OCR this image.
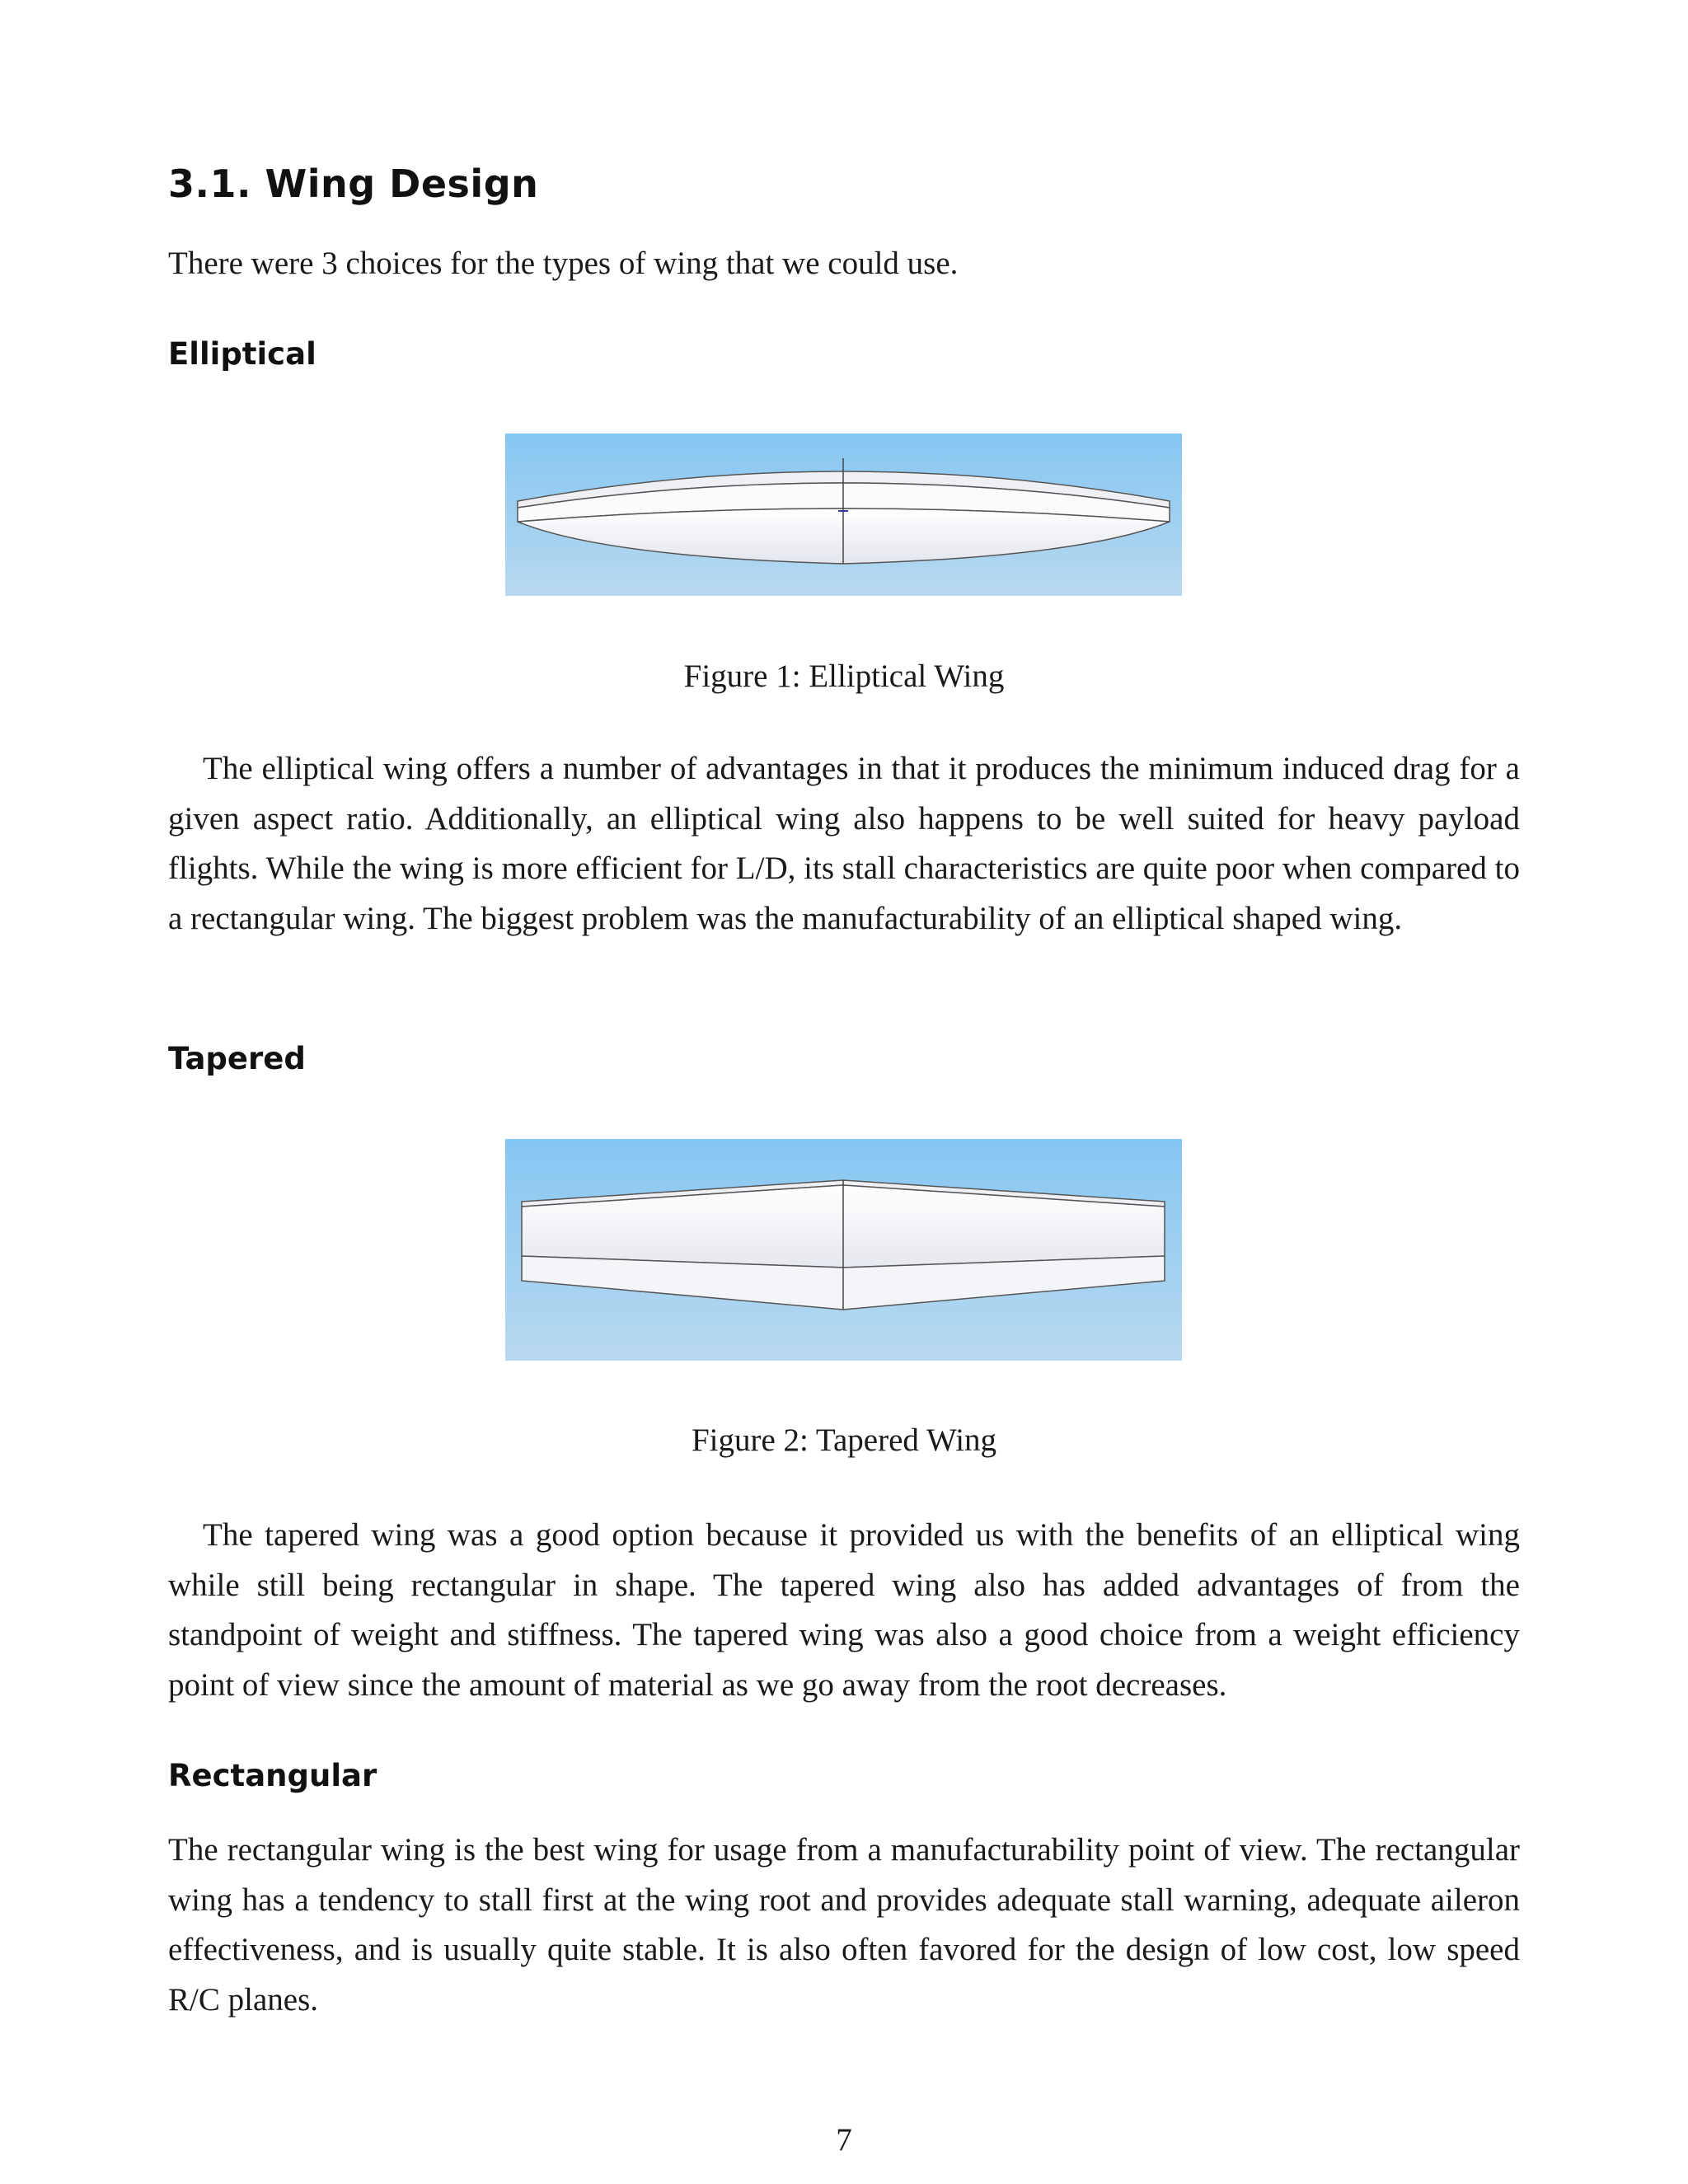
3.1. Wing Design

There were 3 choices for the types of wing that we could use.

Elliptical

Figure 1: Elliptical Wing

The elliptical wing offers a number of advantages in that it produces the minimum induced drag for a given aspect ratio. Additionally, an elliptical wing also happens to be well suited for heavy payload flights. While the wing is more efficient for L/D, its stall characteristics are quite poor when compared to a rectangular wing. The biggest problem was the manufacturability of an elliptical shaped wing.

Tapered

Figure 2: Tapered Wing

The tapered wing was a good option because it provided us with the benefits of an elliptical wing while still being rectangular in shape. The tapered wing also has added advantages of from the standpoint of weight and stiffness. The tapered wing was also a good choice from a weight efficiency point of view since the amount of material as we go away from the root decreases.

Rectangular

The rectangular wing is the best wing for usage from a manufacturability point of view. The rectangular wing has a tendency to stall first at the wing root and provides adequate stall warning, adequate aileron effectiveness, and is usually quite stable. It is also often favored for the design of low cost, low speed R/C planes.

7
